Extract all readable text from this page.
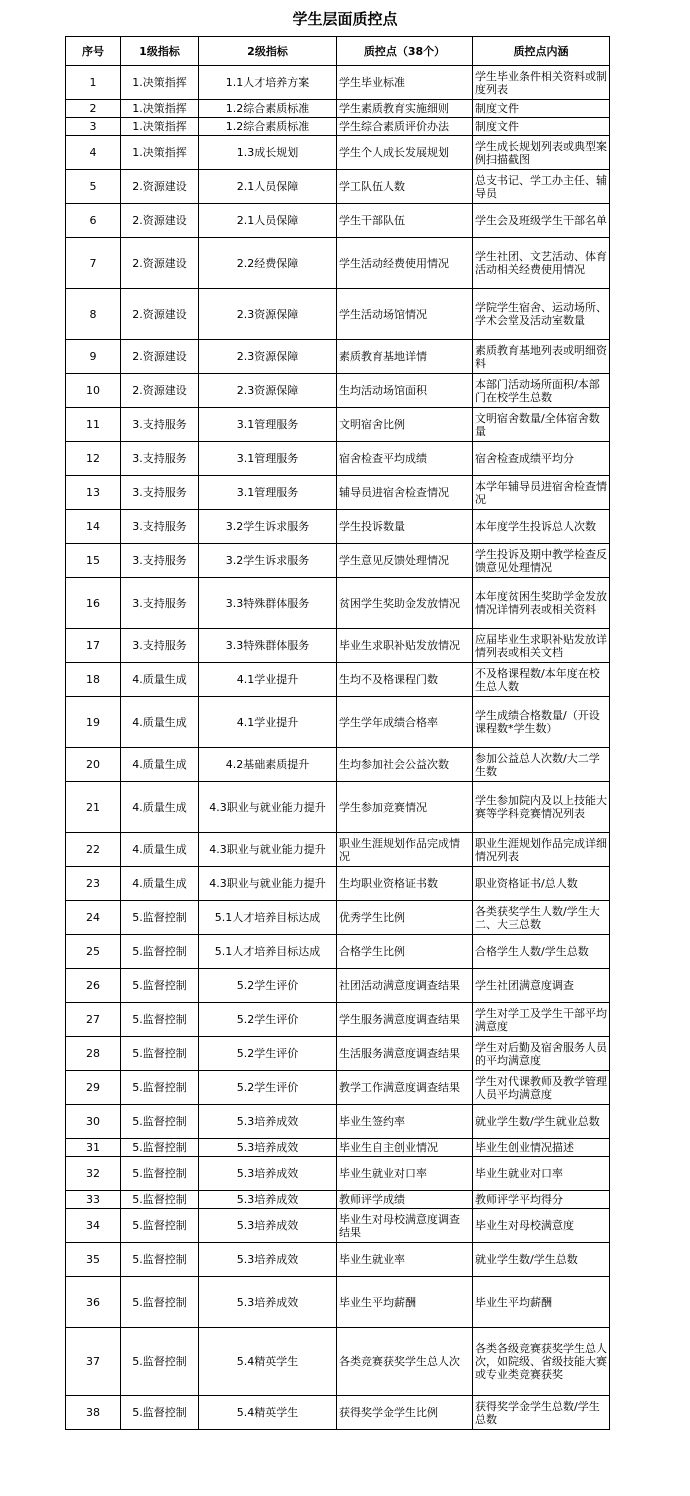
学生层面质控点
序号	1级指标	2级指标	质控点（38个）	质控点内涵
1	1.决策指挥	1.1人才培养方案	学生毕业标准	学生毕业条件相关资料或制度列表
2	1.决策指挥	1.2综合素质标准	学生素质教育实施细则	制度文件
3	1.决策指挥	1.2综合素质标准	学生综合素质评价办法	制度文件
4	1.决策指挥	1.3成长规划	学生个人成长发展规划	学生成长规划列表或典型案例扫描截图
5	2.资源建设	2.1人员保障	学工队伍人数	总支书记、学工办主任、辅导员
6	2.资源建设	2.1人员保障	学生干部队伍	学生会及班级学生干部名单
7	2.资源建设	2.2经费保障	学生活动经费使用情况	学生社团、文艺活动、体育活动相关经费使用情况
8	2.资源建设	2.3资源保障	学生活动场馆情况	学院学生宿舍、运动场所、学术会堂及活动室数量
9	2.资源建设	2.3资源保障	素质教育基地详情	素质教育基地列表或明细资料
10	2.资源建设	2.3资源保障	生均活动场馆面积	本部门活动场所面积/本部门在校学生总数
11	3.支持服务	3.1管理服务	文明宿舍比例	文明宿舍数量/全体宿舍数量
12	3.支持服务	3.1管理服务	宿舍检查平均成绩	宿舍检查成绩平均分
13	3.支持服务	3.1管理服务	辅导员进宿舍检查情况	本学年辅导员进宿舍检查情况
14	3.支持服务	3.2学生诉求服务	学生投诉数量	本年度学生投诉总人次数
15	3.支持服务	3.2学生诉求服务	学生意见反馈处理情况	学生投诉及期中教学检查反馈意见处理情况
16	3.支持服务	3.3特殊群体服务	贫困学生奖助金发放情况	本年度贫困生奖助学金发放情况详情列表或相关资料
17	3.支持服务	3.3特殊群体服务	毕业生求职补贴发放情况	应届毕业生求职补贴发放详情列表或相关文档
18	4.质量生成	4.1学业提升	生均不及格课程门数	不及格课程数/本年度在校生总人数
19	4.质量生成	4.1学业提升	学生学年成绩合格率	学生成绩合格数量/（开设课程数*学生数）
20	4.质量生成	4.2基础素质提升	生均参加社会公益次数	参加公益总人次数/大二学生数
21	4.质量生成	4.3职业与就业能力提升	学生参加竞赛情况	学生参加院内及以上技能大赛等学科竞赛情况列表
22	4.质量生成	4.3职业与就业能力提升	职业生涯规划作品完成情况	职业生涯规划作品完成详细情况列表
23	4.质量生成	4.3职业与就业能力提升	生均职业资格证书数	职业资格证书/总人数
24	5.监督控制	5.1人才培养目标达成	优秀学生比例	各类获奖学生人数/学生大二、大三总数
25	5.监督控制	5.1人才培养目标达成	合格学生比例	合格学生人数/学生总数
26	5.监督控制	5.2学生评价	社团活动满意度调查结果	学生社团满意度调查
27	5.监督控制	5.2学生评价	学生服务满意度调查结果	学生对学工及学生干部平均满意度
28	5.监督控制	5.2学生评价	生活服务满意度调查结果	学生对后勤及宿舍服务人员的平均满意度
29	5.监督控制	5.2学生评价	教学工作满意度调查结果	学生对代课教师及教学管理人员平均满意度
30	5.监督控制	5.3培养成效	毕业生签约率	就业学生数/学生就业总数
31	5.监督控制	5.3培养成效	毕业生自主创业情况	毕业生创业情况描述
32	5.监督控制	5.3培养成效	毕业生就业对口率	毕业生就业对口率
33	5.监督控制	5.3培养成效	教师评学成绩	教师评学平均得分
34	5.监督控制	5.3培养成效	毕业生对母校满意度调查结果	毕业生对母校满意度
35	5.监督控制	5.3培养成效	毕业生就业率	就业学生数/学生总数
36	5.监督控制	5.3培养成效	毕业生平均薪酬	毕业生平均薪酬
37	5.监督控制	5.4精英学生	各类竞赛获奖学生总人次	各类各级竞赛获奖学生总人次，如院级、省级技能大赛或专业类竞赛获奖
38	5.监督控制	5.4精英学生	获得奖学金学生比例	获得奖学金学生总数/学生总数
